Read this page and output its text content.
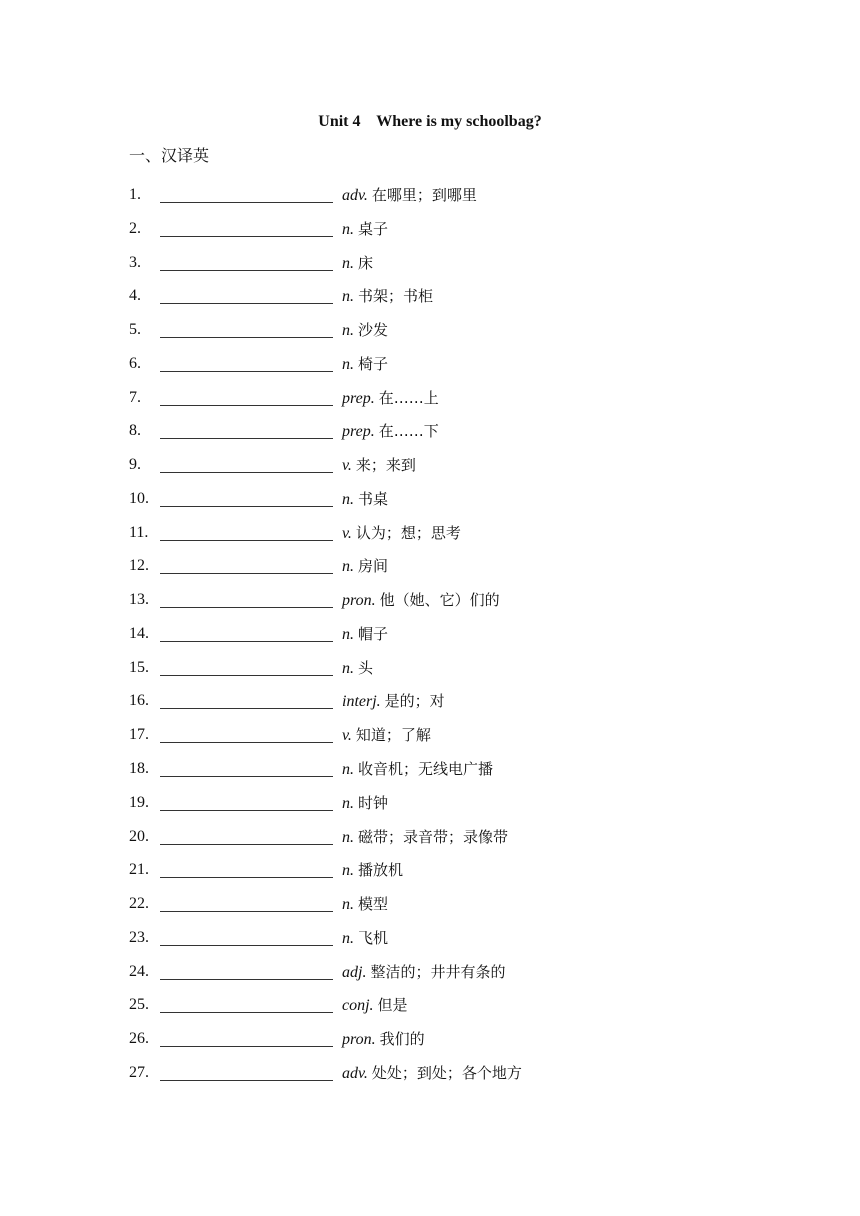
Unit 4    Where is my schoolbag?
一、汉译英
1.	adv. 在哪里；到哪里
2.	n. 桌子
3.	n. 床
4.	n. 书架；书柜
5.	n. 沙发
6.	n. 椅子
7.	prep. 在……上
8.	prep. 在……下
9.	v. 来；来到
10.	n. 书桌
11.	v. 认为；想；思考
12.	n. 房间
13.	pron. 他（她、它）们的
14.	n. 帽子
15.	n. 头
16.	interj. 是的；对
17.	v. 知道；了解
18.	n. 收音机；无线电广播
19.	n. 时钟
20.	n. 磁带；录音带；录像带
21.	n. 播放机
22.	n. 模型
23.	n. 飞机
24.	adj. 整洁的；井井有条的
25.	conj. 但是
26.	pron. 我们的
27.	adv. 处处；到处；各个地方
